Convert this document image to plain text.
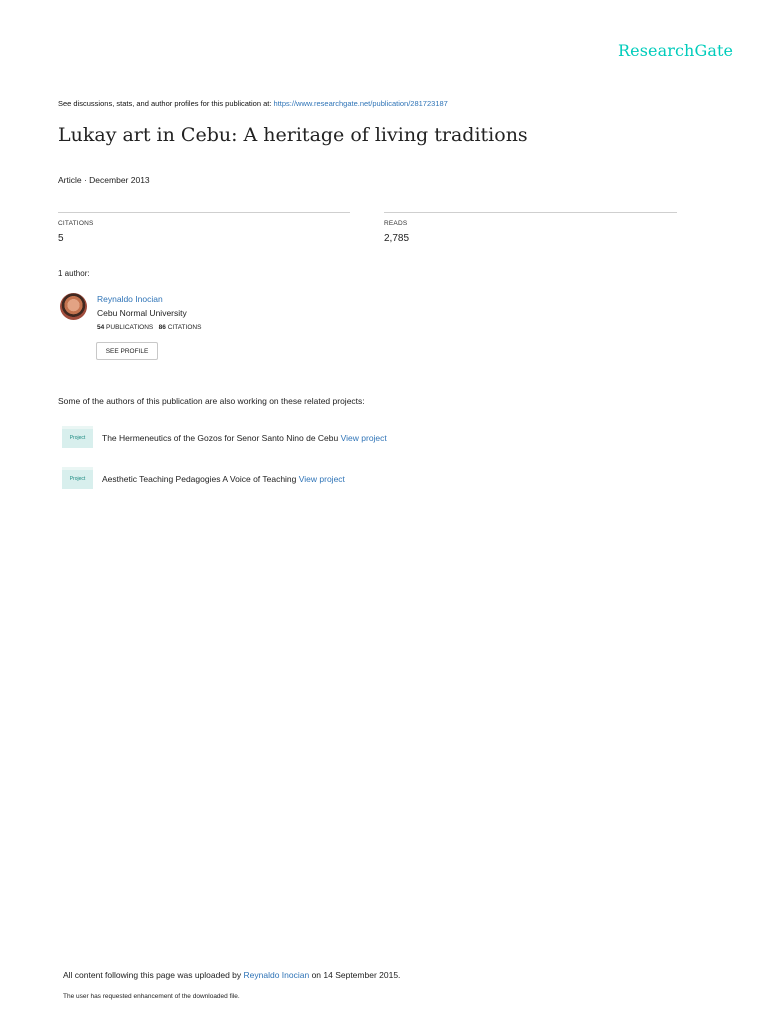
ResearchGate
See discussions, stats, and author profiles for this publication at: https://www.researchgate.net/publication/281723187
Lukay art in Cebu: A heritage of living traditions
Article · December 2013
CITATIONS
5
READS
2,785
1 author:
Reynaldo Inocian
Cebu Normal University
54 PUBLICATIONS 86 CITATIONS
SEE PROFILE
Some of the authors of this publication are also working on these related projects:
Project	The Hermeneutics of the Gozos for Senor Santo Nino de Cebu View project
Project	Aesthetic Teaching Pedagogies A Voice of Teaching View project
All content following this page was uploaded by Reynaldo Inocian on 14 September 2015.
The user has requested enhancement of the downloaded file.
